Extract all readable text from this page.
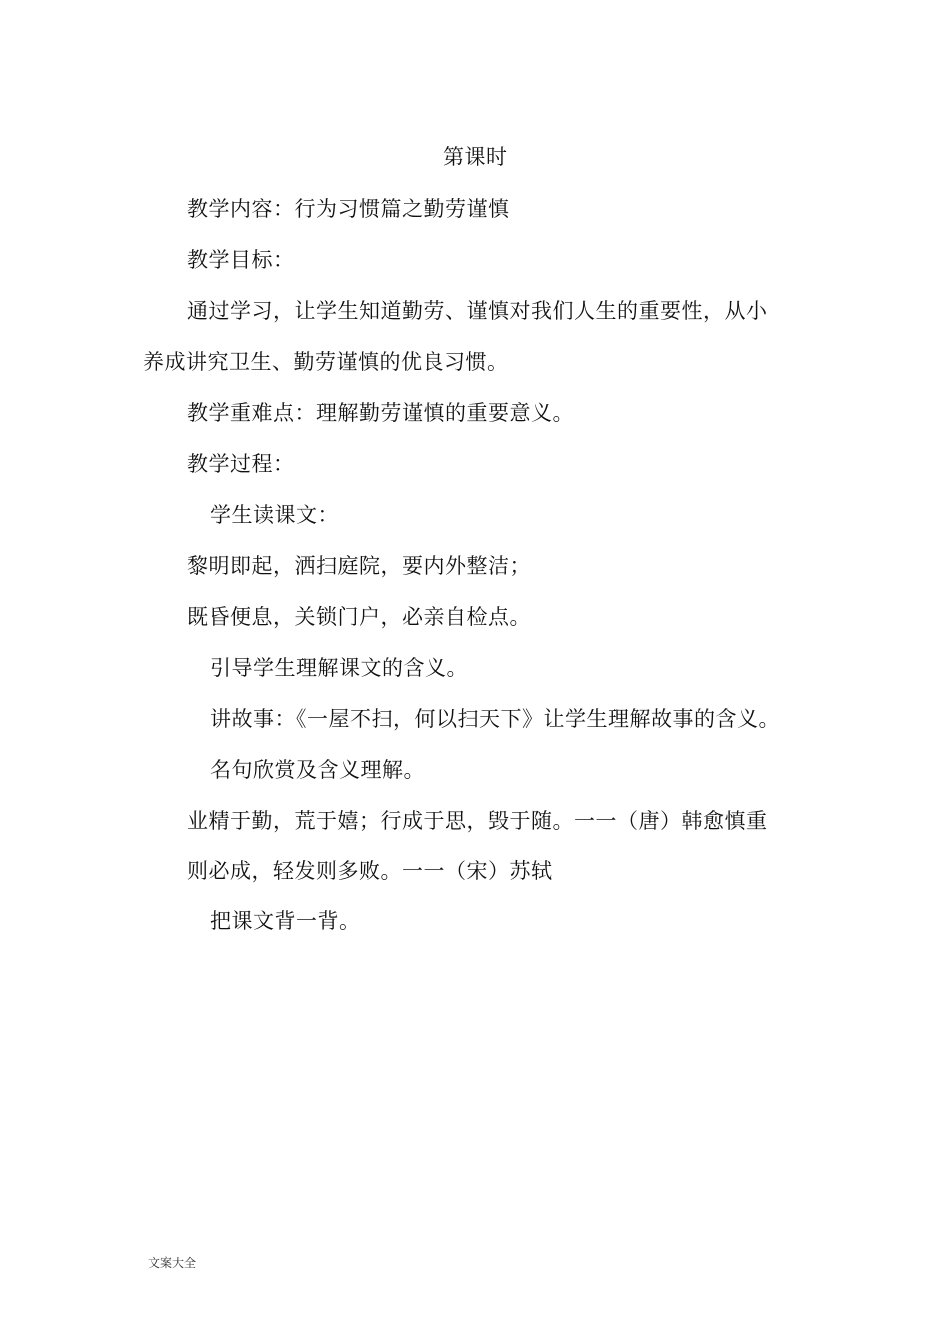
第课时
教学内容：行为习惯篇之勤劳谨慎
教学目标：
通过学习，让学生知道勤劳、谨慎对我们人生的重要性，从小
养成讲究卫生、勤劳谨慎的优良习惯。
教学重难点：理解勤劳谨慎的重要意义。
教学过程：
学生读课文：
黎明即起，洒扫庭院，要内外整洁；
既昏便息，关锁门户，必亲自检点。
引导学生理解课文的含义。
讲故事：《一屋不扫，何以扫天下》让学生理解故事的含义。
名句欣赏及含义理解。
业精于勤，荒于嬉；行成于思，毁于随。一一（唐）韩愈慎重
则必成，轻发则多败。一一（宋）苏轼
把课文背一背。
文案大全
